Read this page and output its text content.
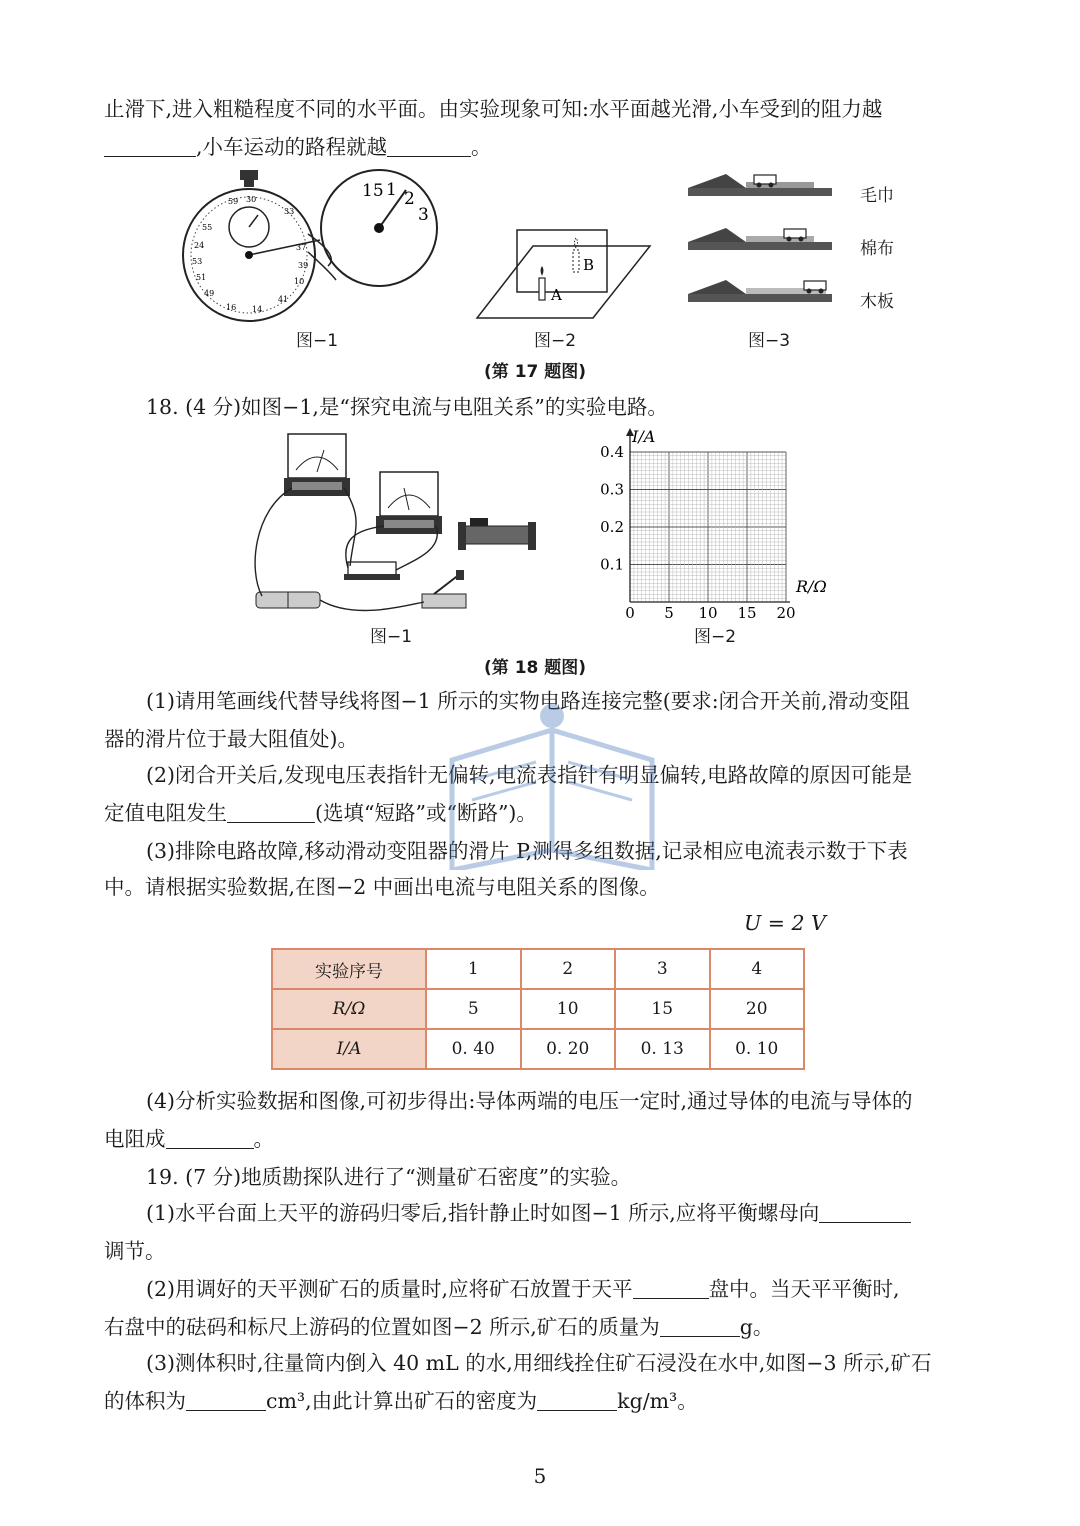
止滑下,进入粗糙程度不同的水平面。由实验现象可知:水平面越光滑,小车受到的阻力越
,小车运动的路程就越	。
55
24
53
51
49
16 14
41
10
39
37
33
59 30	15 1 2
3
图−1
A
B
图−2
毛巾
棉布
木板
图−3
(第 17 题图)
18. (4 分)如图−1,是“探究电流与电阻关系”的实验电路。
图−1
0 5 10 15 20
0.4
0.3
0.2
0.1
I/A
R/Ω
图−2
(第 18 题图)
(1)请用笔画线代替导线将图−1 所示的实物电路连接完整(要求:闭合开关前,滑动变阻
器的滑片位于最大阻值处)。
(2)闭合开关后,发现电压表指针无偏转,电流表指针有明显偏转,电路故障的原因可能是
定值电阻发生	(选填“短路”或“断路”)。
(3)排除电路故障,移动滑动变阻器的滑片 P,测得多组数据,记录相应电流表示数于下表
中。请根据实验数据,在图−2 中画出电流与电阻关系的图像。
U = 2 V
实验序号	1	2	3	4
R/Ω	5	10	15	20
I/A	0. 40	0. 20	0. 13	0. 10
(4)分析实验数据和图像,可初步得出:导体两端的电压一定时,通过导体的电流与导体的
电阻成	。
19. (7 分)地质勘探队进行了“测量矿石密度”的实验。
(1)水平台面上天平的游码归零后,指针静止时如图−1 所示,应将平衡螺母向
调节。
(2)用调好的天平测矿石的质量时,应将矿石放置于天平	盘中。当天平平衡时,
右盘中的砝码和标尺上游码的位置如图−2 所示,矿石的质量为	g。
(3)测体积时,往量筒内倒入 40 mL 的水,用细线拴住矿石浸没在水中,如图−3 所示,矿石
的体积为	cm³,由此计算出矿石的密度为	kg/m³。
5
